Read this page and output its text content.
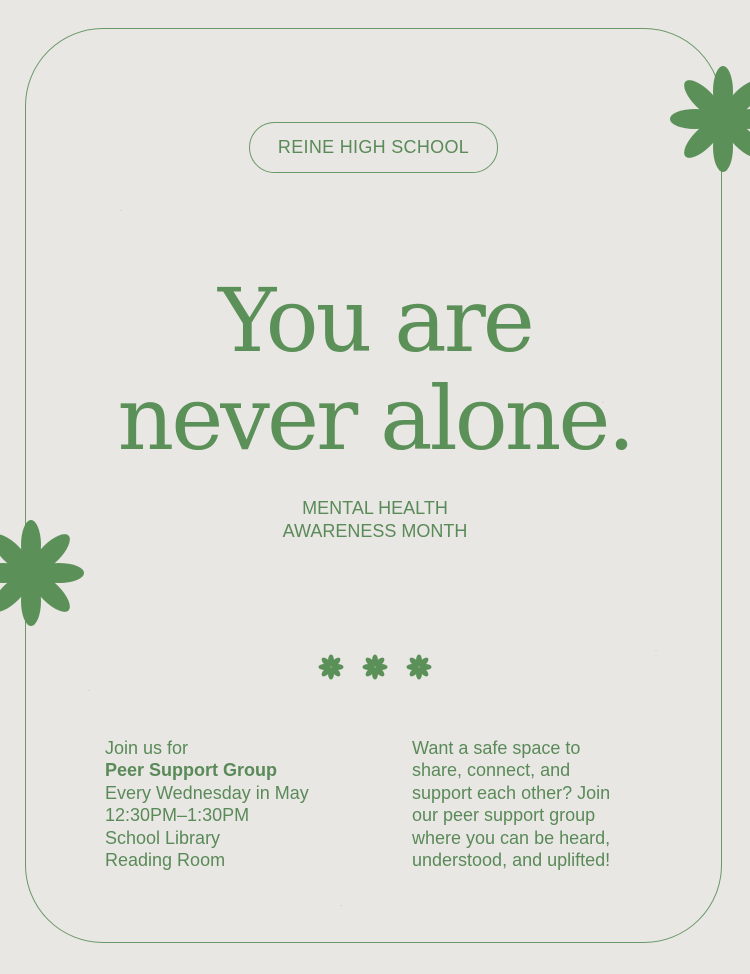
REINE HIGH SCHOOL
You are
never alone.
MENTAL HEALTH
AWARENESS MONTH
Join us for
Peer Support Group
Every Wednesday in May
12:30PM–1:30PM
School Library
Reading Room
Want a safe space to
share, connect, and
support each other? Join
our peer support group
where you can be heard,
understood, and uplifted!
